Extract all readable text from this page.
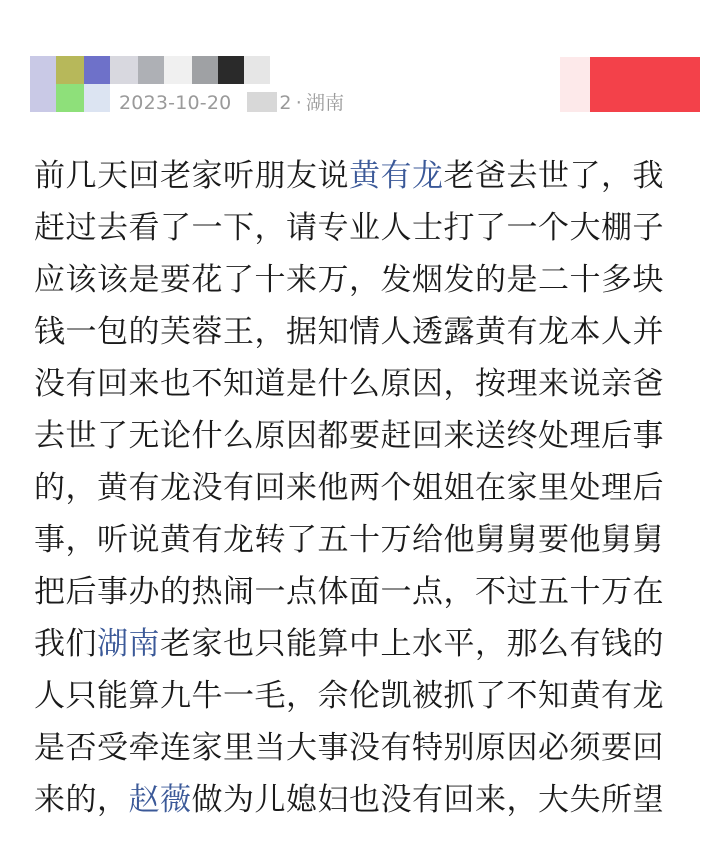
2023-10-20	2 · 湖南

前几天回老家听朋友说黄有龙老爸去世了，我

赶过去看了一下，请专业人士打了一个大棚子

应该该是要花了十来万，发烟发的是二十多块

钱一包的芙蓉王，据知情人透露黄有龙本人并

没有回来也不知道是什么原因，按理来说亲爸

去世了无论什么原因都要赶回来送终处理后事

的，黄有龙没有回来他两个姐姐在家里处理后

事，听说黄有龙转了五十万给他舅舅要他舅舅

把后事办的热闹一点体面一点，不过五十万在

我们湖南老家也只能算中上水平，那么有钱的

人只能算九牛一毛，佘伦凯被抓了不知黄有龙

是否受牵连家里当大事没有特别原因必须要回

来的，赵薇做为儿媳妇也没有回来，大失所望
